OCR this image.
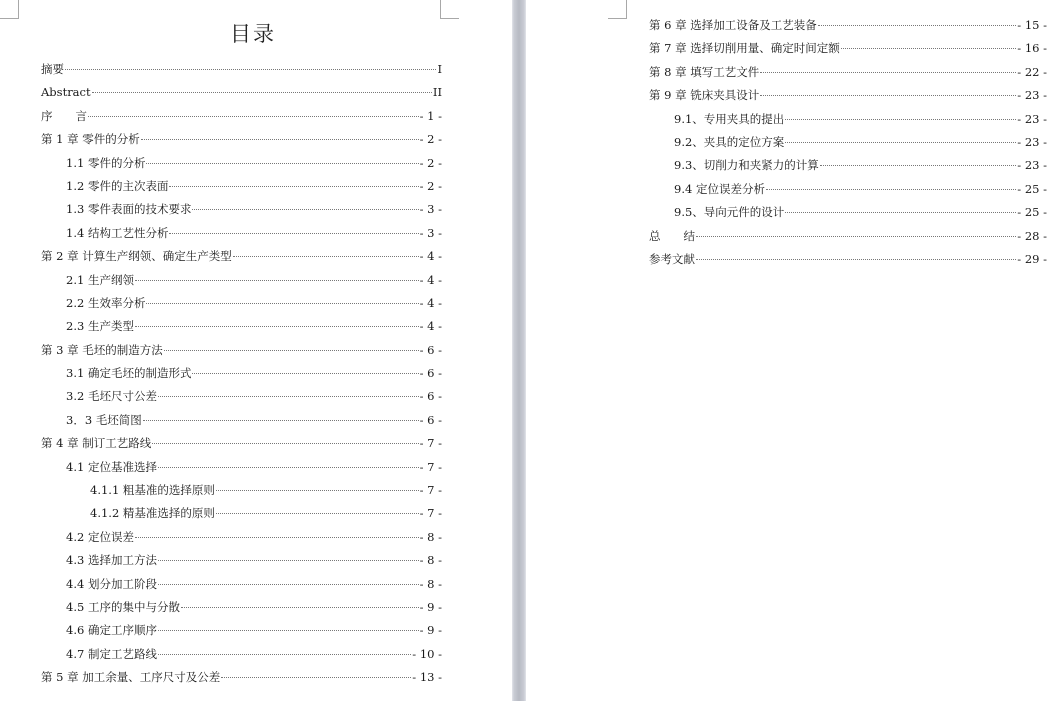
目录
摘要	I
Abstract	II
序　　言	- 1 -
第 1 章 零件的分析	- 2 -
1.1 零件的分析	- 2 -
1.2 零件的主次表面	- 2 -
1.3 零件表面的技术要求	- 3 -
1.4 结构工艺性分析	- 3 -
第 2 章 计算生产纲领、确定生产类型	- 4 -
2.1 生产纲领	- 4 -
2.2 生效率分析	- 4 -
2.3 生产类型	- 4 -
第 3 章 毛坯的制造方法	- 6 -
3.1 确定毛坯的制造形式	- 6 -
3.2 毛坯尺寸公差	- 6 -
3．3 毛坯简图	- 6 -
第 4 章 制订工艺路线	- 7 -
4.1 定位基准选择	- 7 -
4.1.1 粗基准的选择原则	- 7 -
4.1.2 精基准选择的原则	- 7 -
4.2 定位误差	- 8 -
4.3 选择加工方法	- 8 -
4.4 划分加工阶段	- 8 -
4.5 工序的集中与分散	- 9 -
4.6 确定工序顺序	- 9 -
4.7 制定工艺路线	- 10 -
第 5 章 加工余量、工序尺寸及公差	- 13 -
第 6 章 选择加工设备及工艺装备	- 15 -
第 7 章 选择切削用量、确定时间定额	- 16 -
第 8 章 填写工艺文件	- 22 -
第 9 章 铣床夹具设计	- 23 -
9.1、专用夹具的提出	- 23 -
9.2、夹具的定位方案	- 23 -
9.3、切削力和夹紧力的计算	- 23 -
9.4 定位误差分析	- 25 -
9.5、导向元件的设计	- 25 -
总　　结	- 28 -
参考文献	- 29 -
